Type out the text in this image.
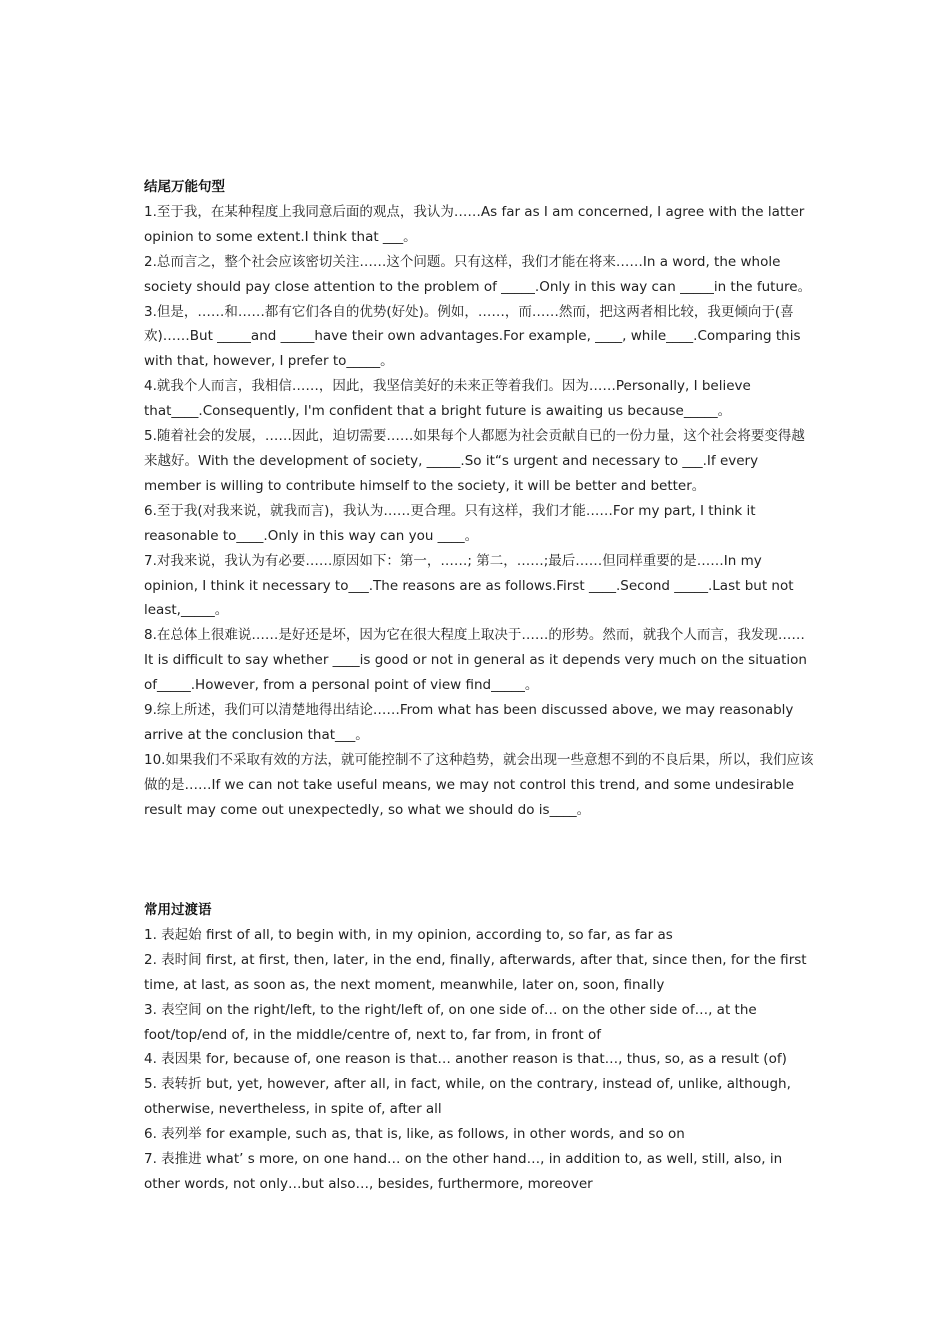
结尾万能句型

1.至于我，在某种程度上我同意后面的观点，我认为……As far as I am concerned, I agree with the latter opinion to some extent.I think that ___。

2.总而言之，整个社会应该密切关注……这个问题。只有这样，我们才能在将来……In a word, the whole society should pay close attention to the problem of _____.Only in this way can _____in the future。

3.但是，……和……都有它们各自的优势(好处)。例如，……，而……然而，把这两者相比较，我更倾向于(喜欢)……But _____and _____have their own advantages.For example, ____, while____.Comparing this with that, however, I prefer to_____。

4.就我个人而言，我相信……，因此，我坚信美好的未来正等着我们。因为……Personally, I believe that____.Consequently, I'm confident that a bright future is awaiting us because_____。

5.随着社会的发展，……因此，迫切需要……如果每个人都愿为社会贡献自已的一份力量，这个社会将要变得越来越好。With the development of society, _____.So it“s urgent and necessary to ___.If every member is willing to contribute himself to the society, it will be better and better。

6.至于我(对我来说，就我而言)，我认为……更合理。只有这样，我们才能……For my part, I think it reasonable to____.Only in this way can you ____。

7.对我来说，我认为有必要……原因如下：第一，……; 第二，……;最后……但同样重要的是……In my opinion, I think it necessary to___.The reasons are as follows.First ____.Second _____.Last but not least,_____。

8.在总体上很难说……是好还是坏，因为它在很大程度上取决于……的形势。然而，就我个人而言，我发现……It is difficult to say whether ____is good or not in general as it depends very much on the situation of_____.However, from a personal point of view find_____。

9.综上所述，我们可以清楚地得出结论……From what has been discussed above, we may reasonably arrive at the conclusion that___。

10.如果我们不采取有效的方法，就可能控制不了这种趋势，就会出现一些意想不到的不良后果，所以，我们应该做的是……If we can not take useful means, we may not control this trend, and some undesirable result may come out unexpectedly, so what we should do is____。

常用过渡语

1. 表起始 first of all, to begin with, in my opinion, according to, so far, as far as

2. 表时间 first, at first, then, later, in the end, finally, afterwards, after that, since then, for the first time, at last, as soon as, the next moment, meanwhile, later on, soon, finally

3. 表空间 on the right/left, to the right/left of, on one side of… on the other side of…, at the foot/top/end of, in the middle/centre of, next to, far from, in front of

4. 表因果 for, because of, one reason is that… another reason is that…, thus, so, as a result (of)

5. 表转折 but, yet, however, after all, in fact, while, on the contrary, instead of, unlike, although, otherwise, nevertheless, in spite of, after all

6. 表列举 for example, such as, that is, like, as follows, in other words, and so on

7. 表推进 what’ s more, on one hand… on the other hand…, in addition to, as well, still, also, in other words, not only…but also…, besides, furthermore, moreover
